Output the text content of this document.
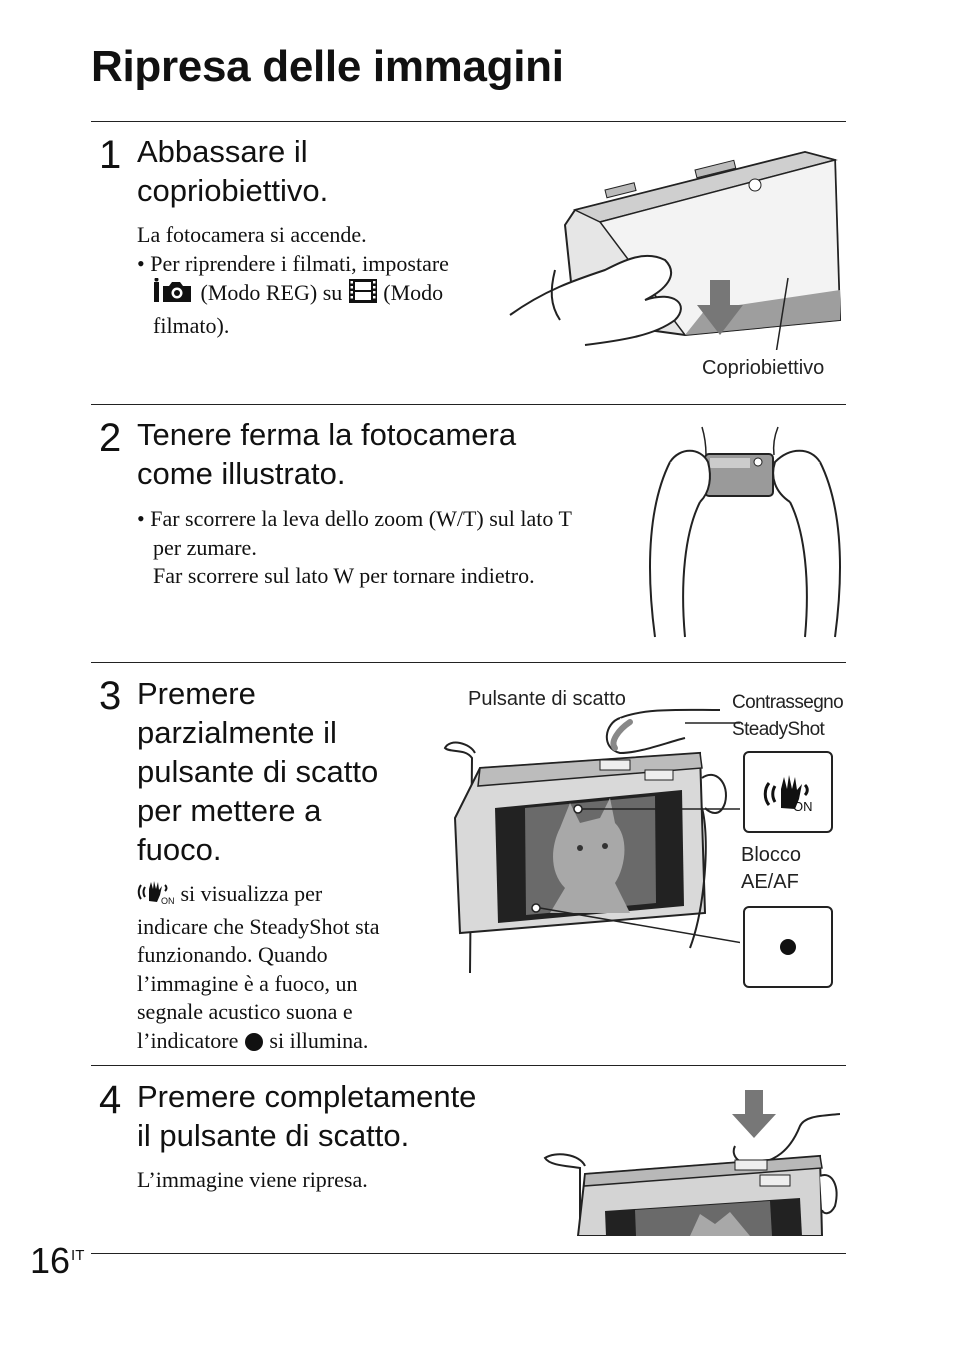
Ripresa delle immagini
1 Abbassare il
copriobiettivo.
La fotocamera si accende.
• Per riprendere i filmati, impostare
(Modo REG) su (Modo
filmato).
Copriobiettivo
2 Tenere ferma la fotocamera
come illustrato.
• Far scorrere la leva dello zoom (W/T) sul lato T
per zumare.
Far scorrere sul lato W per tornare indietro.
3 Premere
parzialmente il
pulsante di scatto
per mettere a
fuoco.
ON si visualizza per
indicare che SteadyShot sta
funzionando. Quando
l’immagine è a fuoco, un
segnale acustico suona e
l’indicatore si illumina.
Pulsante di scatto	Contrassegno
SteadyShot
ON
Blocco
AE/AF
4 Premere completamente
il pulsante di scatto.
L’immagine viene ripresa.
$16^{IT}$
